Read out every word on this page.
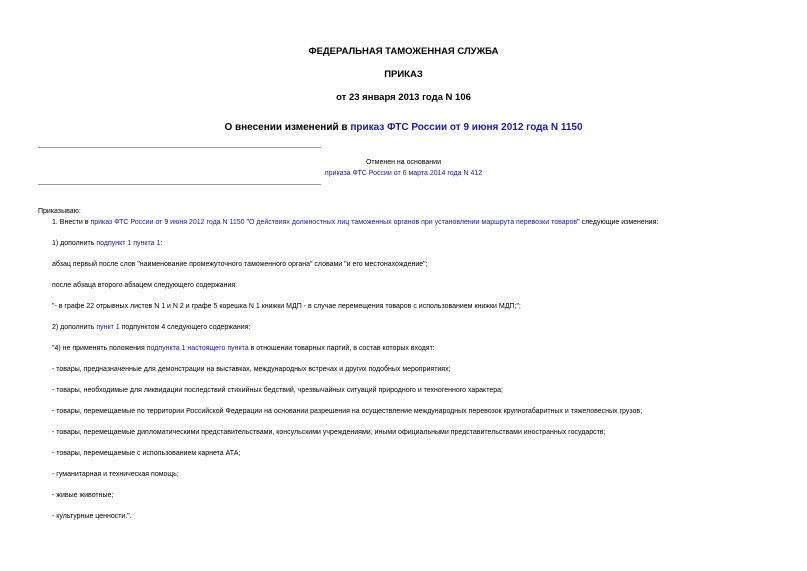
ФЕДЕРАЛЬНАЯ ТАМОЖЕННАЯ СЛУЖБА
ПРИКАЗ
от 23 января 2013 года N 106
О внесении изменений в приказ ФТС России от 9 июня 2012 года N 1150
Отменен на основании
приказа ФТС России от 6 марта 2014 года N 412
Приказываю:
1. Внести в приказ ФТС России от 9 июня 2012 года N 1150 "О действиях должностных лиц таможенных органов при установлении маршрута перевозки товаров" следующие изменения:
1) дополнить подпункт 1 пункта 1:
абзац первый после слов "наименование промежуточного таможенного органа" словами "и его местонахождение";
после абзаца второго абзацем следующего содержания:
"- в графе 22 отрывных листов N 1 и N 2 и графе 5 корешка N 1 книжки МДП - в случае перемещения товаров с использованием книжки МДП;";
2) дополнить пункт 1 подпунктом 4 следующего содержания:
"4) не применять положения подпункта 1 настоящего пункта в отношении товарных партий, в состав которых входят:
- товары, предназначенные для демонстрации на выставках, международных встречах и других подобных мероприятиях;
- товары, необходимые для ликвидации последствий стихийных бедствий, чрезвычайных ситуаций природного и техногенного характера;
- товары, перемещаемые по территории Российской Федерации на основании разрешения на осуществление международных перевозок крупногабаритных и тяжеловесных грузов;
- товары, перемещаемые дипломатическими представительствами, консульскими учреждениями, иными официальными представительствами иностранных государств;
- товары, перемещаемые с использованием карнета АТА;
- гуманитарная и техническая помощь;
- живые животные;
- культурные ценности.".
